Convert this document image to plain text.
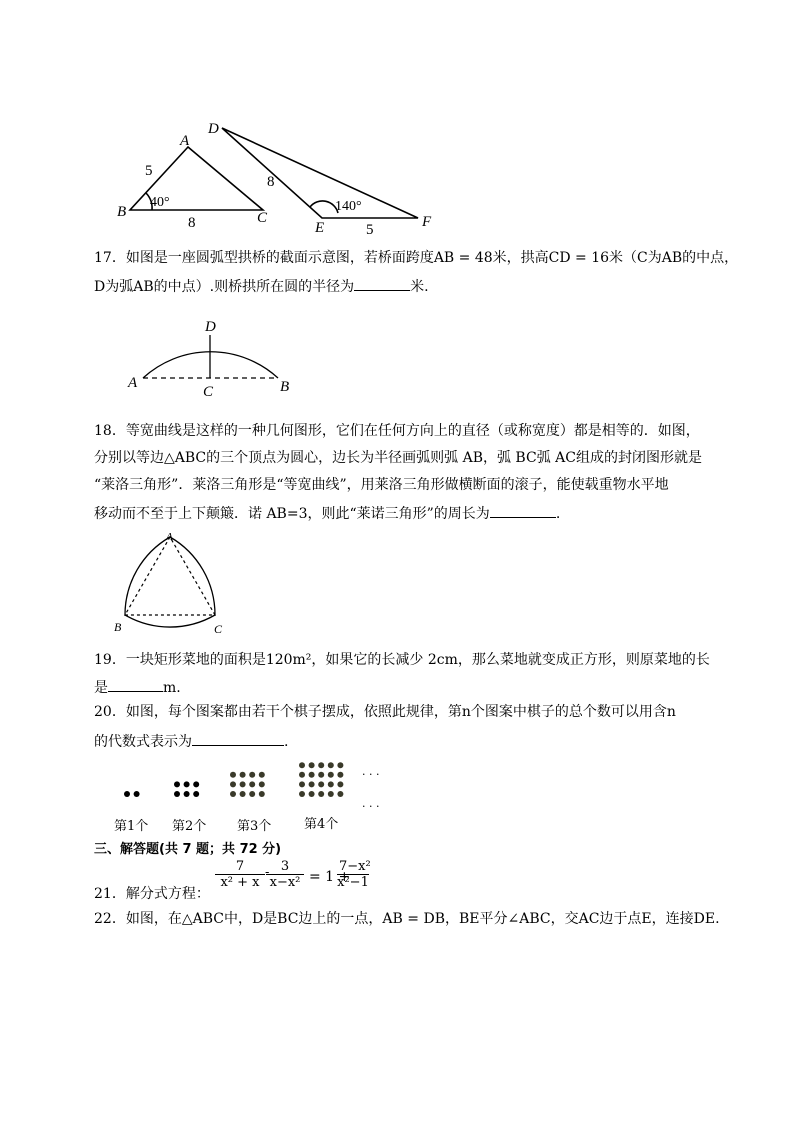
A
B	C
5
8
40°
D
E	F
8
5
140°
17．如图是一座圆弧型拱桥的截面示意图，若桥面跨度AB = 48米，拱高CD = 16米（C为AB的中点，
D为弧AB的中点）.则桥拱所在圆的半径为	米.
D
A
C	B
18．等宽曲线是这样的一种几何图形，它们在任何方向上的直径（或称宽度）都是相等的．如图，
分别以等边△ABC的三个顶点为圆心，边长为半径画弧则弧 AB，弧 BC弧 AC组成的封闭图形就是
“莱洛三角形”．莱洛三角形是“等宽曲线”，用莱洛三角形做横断面的滚子，能使载重物水平地
移动而不至于上下颠簸．诺 AB=3，则此“莱诺三角形”的周长为	.
A
B	C
19．一块矩形菜地的面积是120m²，如果它的长减少 2cm，那么菜地就变成正方形，则原菜地的长
是	m.
20．如图，每个图案都由若干个棋子摆成，依照此规律，第n个图案中棋子的总个数可以用含n
的代数式表示为	.
第1个 第2个 第3个	第4个
· · ·
· · ·
三、解答题(共 7 题；共 72 分)
21．解分式方程：
$\frac{7}{\text{x² + x}}$ -
$\frac{3}{\text{x−x²}} = 1$ +
$\frac{\text{7−x²}}{\text{x²−1}}$
22．如图，在△ABC中，D是BC边上的一点，AB = DB，BE平分∠ABC，交AC边于点E，连接DE.
